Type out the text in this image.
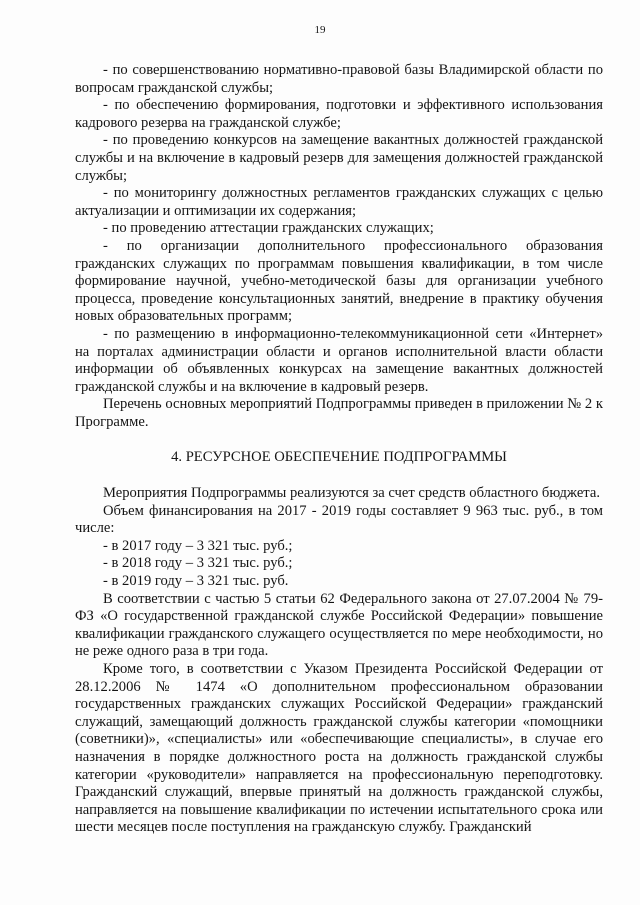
19

- по совершенствованию нормативно-правовой базы Владимирской области по вопросам гражданской службы;

- по обеспечению формирования, подготовки и эффективного использования кадрового резерва на гражданской службе;

- по проведению конкурсов на замещение вакантных должностей гражданской службы и на включение в кадровый резерв для замещения должностей гражданской службы;

- по мониторингу должностных регламентов гражданских служащих с целью актуализации и оптимизации их содержания;

- по проведению аттестации гражданских служащих;

- по организации дополнительного профессионального образования гражданских служащих по программам повышения квалификации, в том числе формирование научной, учебно-методической базы для организации учебного процесса, проведение консультационных занятий, внедрение в практику обучения новых образовательных программ;

- по размещению в информационно-телекоммуникационной сети «Интернет» на порталах администрации области и органов исполнительной власти области информации об объявленных конкурсах на замещение вакантных должностей гражданской службы и на включение в кадровый резерв.

Перечень основных мероприятий Подпрограммы приведен в приложении № 2 к Программе.

4. РЕСУРСНОЕ ОБЕСПЕЧЕНИЕ ПОДПРОГРАММЫ

Мероприятия Подпрограммы реализуются за счет средств областного бюджета.

Объем финансирования на 2017 - 2019 годы составляет 9 963 тыс. руб., в том числе:

- в 2017 году – 3 321 тыс. руб.;

- в 2018 году – 3 321 тыс. руб.;

- в 2019 году – 3 321 тыс. руб.

В соответствии с частью 5 статьи 62 Федерального закона от 27.07.2004 № 79-ФЗ «О государственной гражданской службе Российской Федерации» повышение квалификации гражданского служащего осуществляется по мере необходимости, но не реже одного раза в три года.

Кроме того, в соответствии с Указом Президента Российской Федерации от 28.12.2006 № 1474 «О дополнительном профессиональном образовании государственных гражданских служащих Российской Федерации» гражданский служащий, замещающий должность гражданской службы категории «помощники (советники)», «специалисты» или «обеспечивающие специалисты», в случае его назначения в порядке должностного роста на должность гражданской службы категории «руководители» направляется на профессиональную переподготовку. Гражданский служащий, впервые принятый на должность гражданской службы, направляется на повышение квалификации по истечении испытательного срока или шести месяцев после поступления на гражданскую службу. Гражданский
